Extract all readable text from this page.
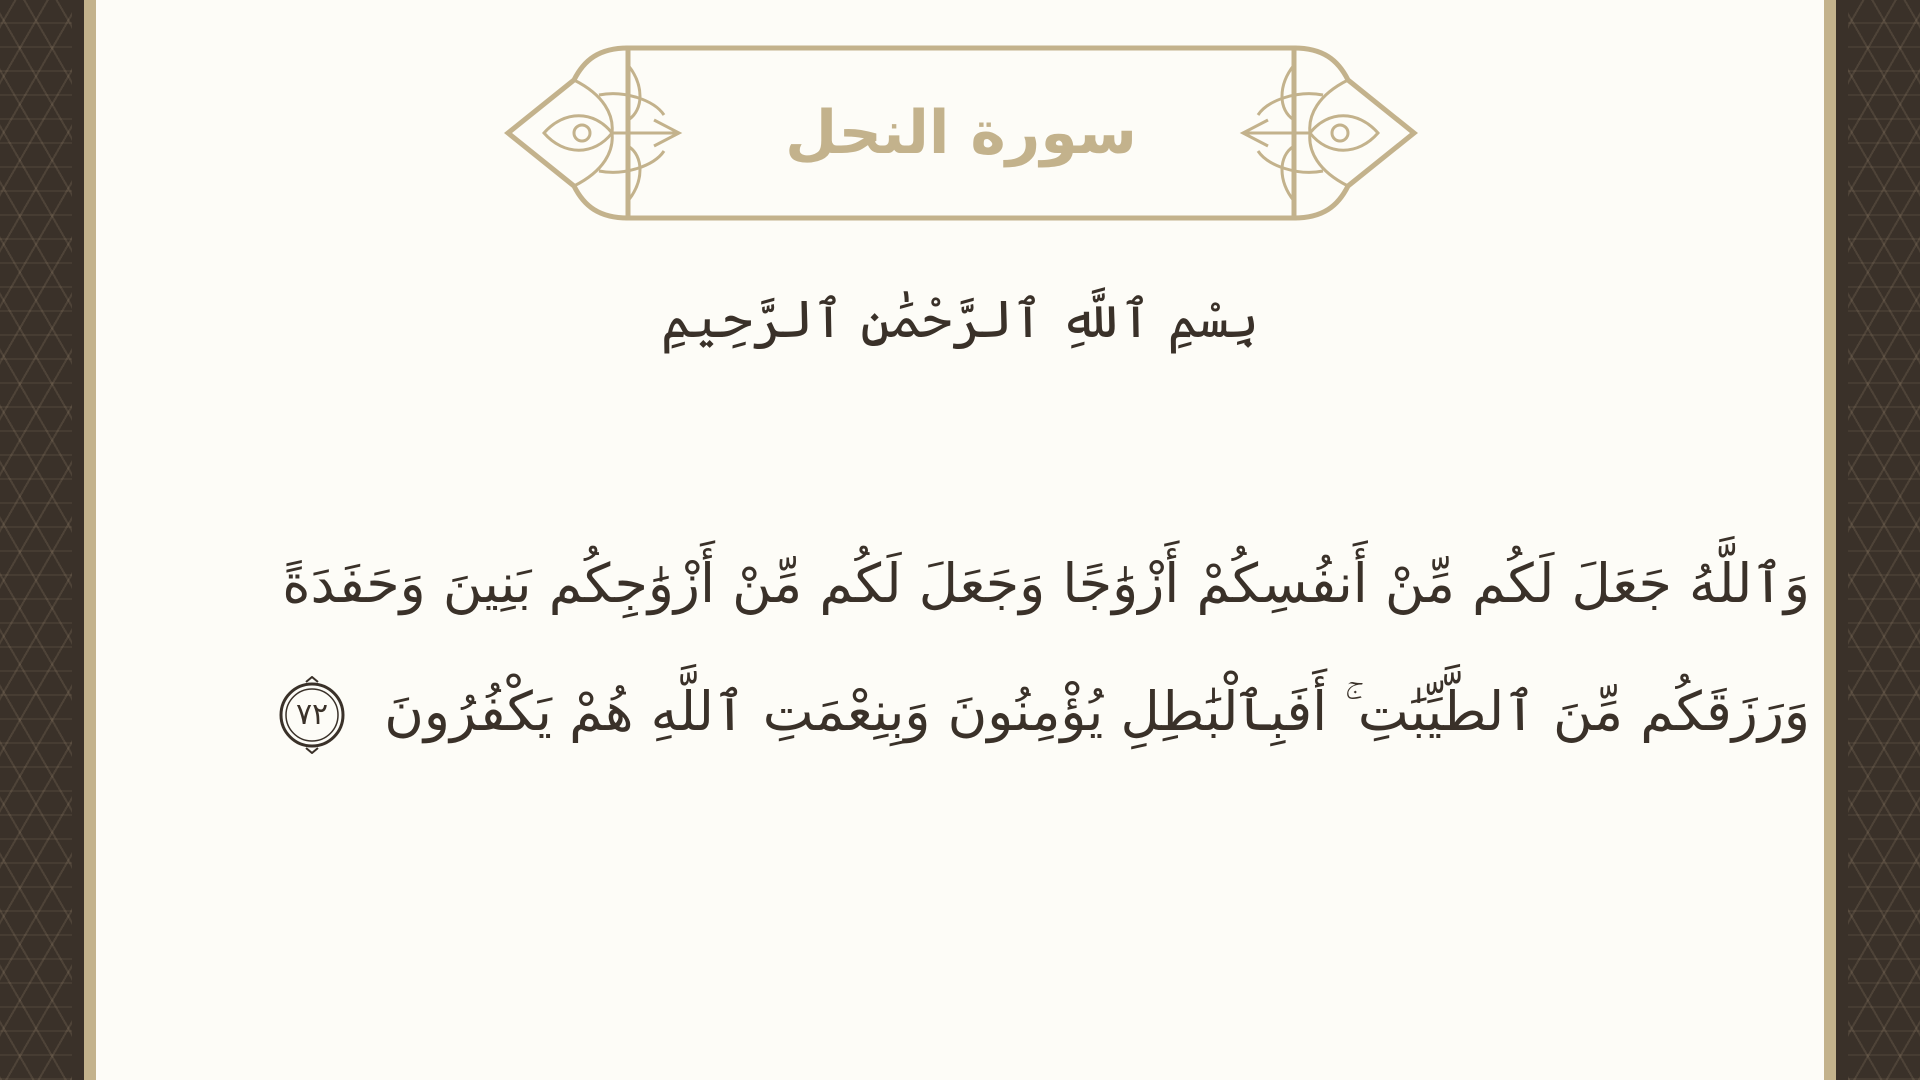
سورة النحل
بِسْمِ ٱللَّهِ ٱلرَّحْمَٰنِ ٱلرَّحِيمِ
وَٱللَّهُ جَعَلَ لَكُم مِّنْ أَنفُسِكُمْ أَزْوَٰجًا وَجَعَلَ لَكُم مِّنْ أَزْوَٰجِكُم بَنِينَ وَحَفَدَةً وَرَزَقَكُم مِّنَ ٱلطَّيِّبَٰتِ ۚ أَفَبِٱلْبَٰطِلِ يُؤْمِنُونَ وَبِنِعْمَتِ ٱللَّهِ هُمْ يَكْفُرُونَ
٧٢
